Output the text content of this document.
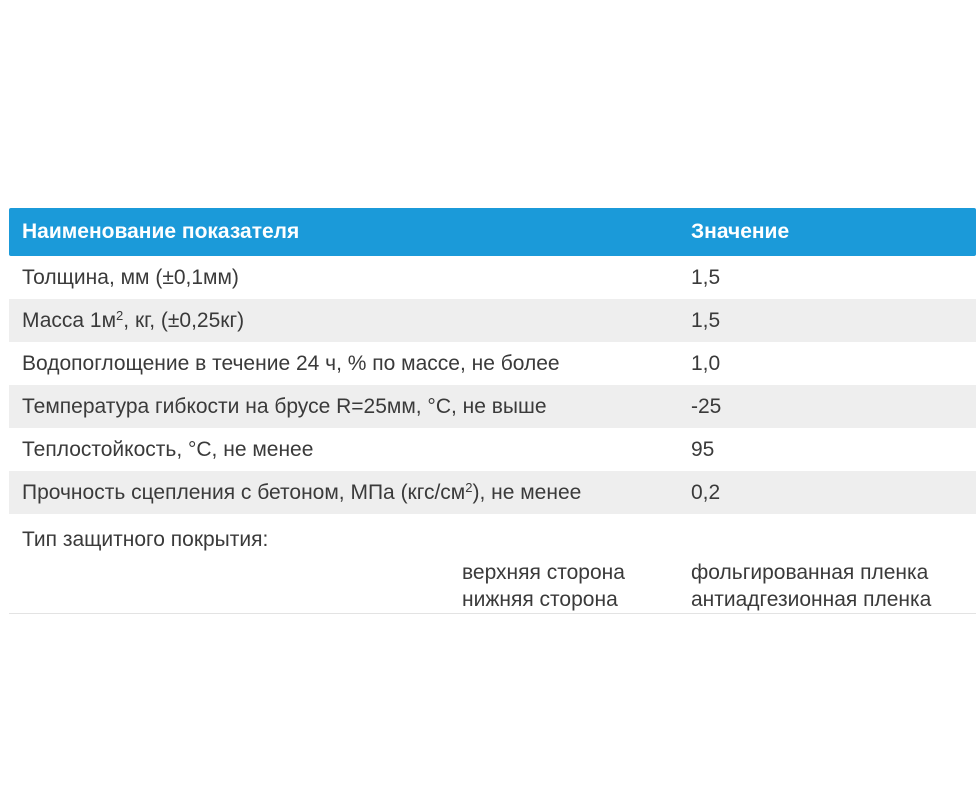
Наименование показателя	Значение
Толщина, мм (±0,1мм)	1,5
Масса $1м^2$, кг, (±0,25кг)	1,5
Водопоглощение в течение 24 ч, % по массе, не более	1,0
Температура гибкости на брусе R=25мм, °С, не выше	-25
Теплостойкость, °С, не менее	95
Прочность сцепления с бетоном, МПа $(кгс/см^2)$, не менее	0,2
Тип защитного покрытия:
верхняя сторона	фольгированная пленка
нижняя сторона	антиадгезионная пленка
